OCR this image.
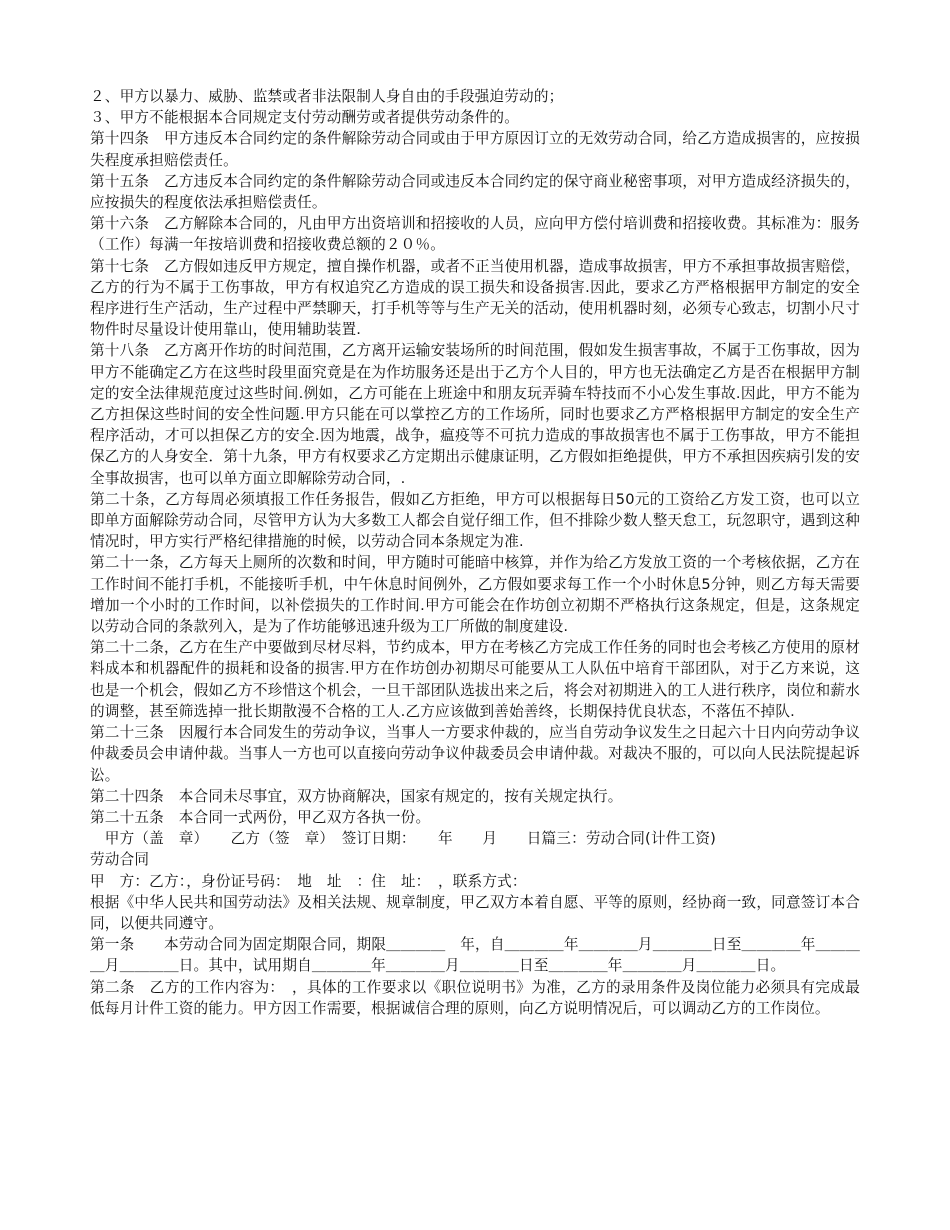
２、甲方以暴力、威胁、监禁或者非法限制人身自由的手段强迫劳动的；

３、甲方不能根据本合同规定支付劳动酬劳或者提供劳动条件的。

第十四条　甲方违反本合同约定的条件解除劳动合同或由于甲方原因订立的无效劳动合同，给乙方造成损害的，应按损失程度承担赔偿责任。

第十五条　乙方违反本合同约定的条件解除劳动合同或违反本合同约定的保守商业秘密事项，对甲方造成经济损失的，应按损失的程度依法承担赔偿责任。

第十六条　乙方解除本合同的，凡由甲方出资培训和招接收的人员，应向甲方偿付培训费和招接收费。其标准为：服务（工作）每满一年按培训费和招接收费总额的２０％。

第十七条　乙方假如违反甲方规定，擅自操作机器，或者不正当使用机器，造成事故损害，甲方不承担事故损害赔偿，乙方的行为不属于工伤事故，甲方有权追究乙方造成的误工损失和设备损害.因此，要求乙方严格根据甲方制定的安全程序进行生产活动，生产过程中严禁聊天，打手机等等与生产无关的活动，使用机器时刻，必须专心致志，切割小尺寸物件时尽量设计使用靠山，使用辅助装置.

第十八条　乙方离开作坊的时间范围，乙方离开运输安装场所的时间范围，假如发生损害事故，不属于工伤事故，因为甲方不能确定乙方在这些时段里面究竟是在为作坊服务还是出于乙方个人目的，甲方也无法确定乙方是否在根据甲方制定的安全法律规范度过这些时间.例如，乙方可能在上班途中和朋友玩弄骑车特技而不小心发生事故.因此，甲方不能为乙方担保这些时间的安全性问题.甲方只能在可以掌控乙方的工作场所，同时也要求乙方严格根据甲方制定的安全生产程序活动，才可以担保乙方的安全.因为地震，战争，瘟疫等不可抗力造成的事故损害也不属于工伤事故，甲方不能担保乙方的人身安全．第十九条，甲方有权要求乙方定期出示健康证明，乙方假如拒绝提供，甲方不承担因疾病引发的安全事故损害，也可以单方面立即解除劳动合同，.

第二十条，乙方每周必须填报工作任务报告，假如乙方拒绝，甲方可以根据每日50元的工资给乙方发工资，也可以立即单方面解除劳动合同，尽管甲方认为大多数工人都会自觉仔细工作，但不排除少数人整天怠工，玩忽职守，遇到这种情况时，甲方实行严格纪律措施的时候，以劳动合同本条规定为准.

第二十一条，乙方每天上厕所的次数和时间，甲方随时可能暗中核算，并作为给乙方发放工资的一个考核依据，乙方在工作时间不能打手机，不能接听手机，中午休息时间例外，乙方假如要求每工作一个小时休息5分钟，则乙方每天需要增加一个小时的工作时间，以补偿损失的工作时间.甲方可能会在作坊创立初期不严格执行这条规定，但是，这条规定以劳动合同的条款列入，是为了作坊能够迅速升级为工厂所做的制度建设.

第二十二条，乙方在生产中要做到尽材尽料，节约成本，甲方在考核乙方完成工作任务的同时也会考核乙方使用的原材料成本和机器配件的损耗和设备的损害.甲方在作坊创办初期尽可能要从工人队伍中培育干部团队，对于乙方来说，这也是一个机会，假如乙方不珍惜这个机会，一旦干部团队选拔出来之后，将会对初期进入的工人进行秩序，岗位和薪水的调整，甚至筛选掉一批长期散漫不合格的工人.乙方应该做到善始善终，长期保持优良状态，不落伍不掉队.

第二十三条　因履行本合同发生的劳动争议，当事人一方要求仲裁的，应当自劳动争议发生之日起六十日内向劳动争议仲裁委员会申请仲裁。当事人一方也可以直接向劳动争议仲裁委员会申请仲裁。对裁决不服的，可以向人民法院提起诉讼。

第二十四条　本合同未尽事宜，双方协商解决，国家有规定的，按有关规定执行。

第二十五条　本合同一式两份，甲乙双方各执一份。

　甲方（盖　章）　　乙方（签　章）　签订日期：　　年　　月　　日篇三：劳动合同(计件工资)

劳动合同

甲　方：乙方：，身份证号码：　地　址　：住　址：　，联系方式：

根据《中华人民共和国劳动法》及相关法规、规章制度，甲乙双方本着自愿、平等的原则，经协商一致，同意签订本合同，以便共同遵守。

第一条　　本劳动合同为固定期限合同，期限＿＿＿＿　年，自＿＿＿＿年＿＿＿＿月＿＿＿＿日至＿＿＿＿年＿＿＿＿月＿＿＿＿日。其中，试用期自＿＿＿＿年＿＿＿＿月＿＿＿＿日至＿＿＿＿年＿＿＿＿月＿＿＿＿日。

第二条　乙方的工作内容为：　，具体的工作要求以《职位说明书》为准，乙方的录用条件及岗位能力必须具有完成最低每月计件工资的能力。甲方因工作需要，根据诚信合理的原则，向乙方说明情况后，可以调动乙方的工作岗位。
